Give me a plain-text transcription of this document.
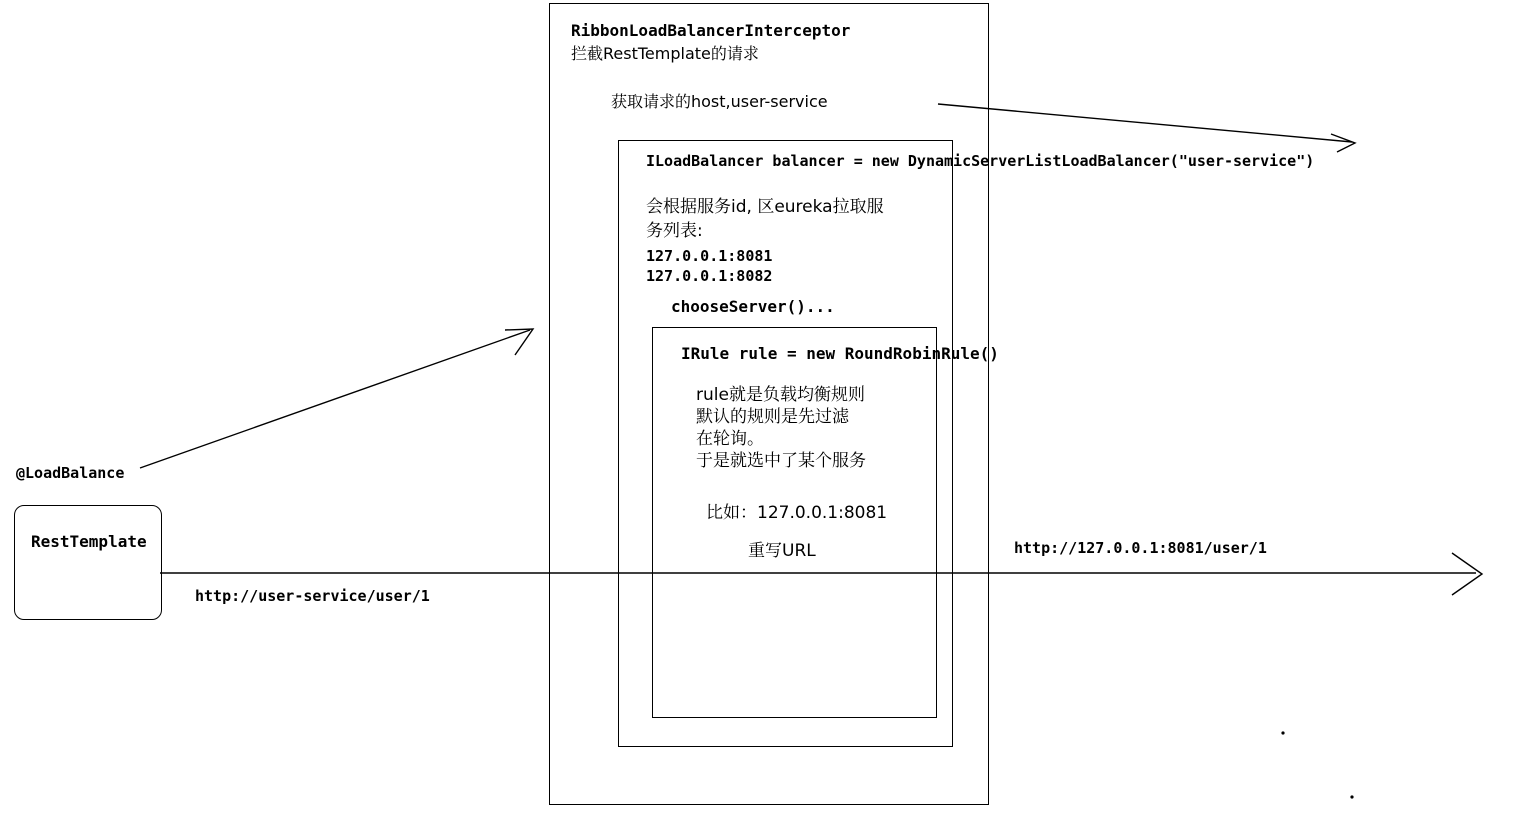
RibbonLoadBalancerInterceptor
拦截RestTemplate的请求
获取请求的host,user-service
ILoadBalancer balancer = new DynamicServerListLoadBalancer("user-service")
会根据服务id, 区eureka拉取服
务列表:
127.0.0.1:8081
127.0.0.1:8082
chooseServer()...
IRule rule = new RoundRobinRule()
rule就是负载均衡规则
默认的规则是先过滤
在轮询。
于是就选中了某个服务
比如：127.0.0.1:8081
重写URL
@LoadBalance
RestTemplate
http://user-service/user/1
http://127.0.0.1:8081/user/1
